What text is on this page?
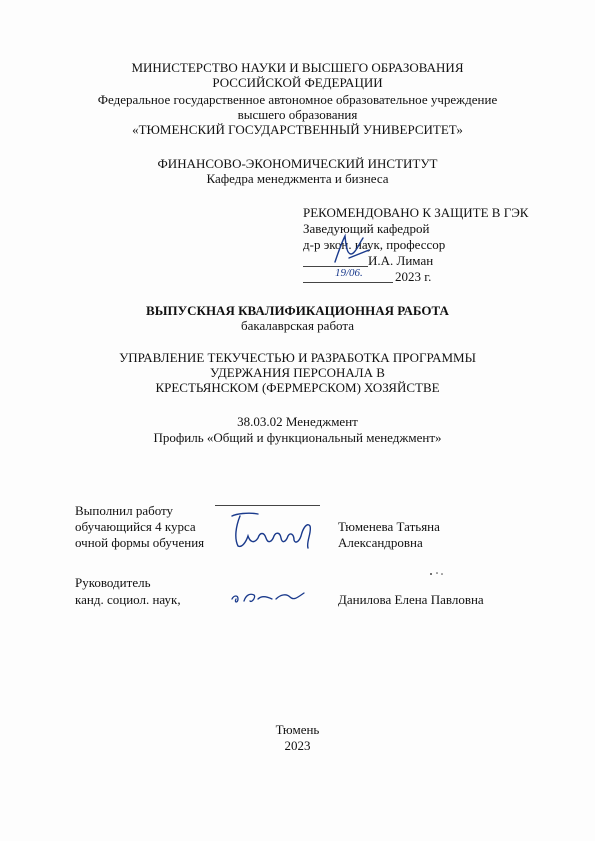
МИНИСТЕРСТВО НАУКИ И ВЫСШЕГО ОБРАЗОВАНИЯ
РОССИЙСКОЙ ФЕДЕРАЦИИ
Федеральное государственное автономное образовательное учреждение
высшего образования
«ТЮМЕНСКИЙ ГОСУДАРСТВЕННЫЙ УНИВЕРСИТЕТ»
ФИНАНСОВО-ЭКОНОМИЧЕСКИЙ ИНСТИТУТ
Кафедра менеджмента и бизнеса
РЕКОМЕНДОВАНО К ЗАЩИТЕ В ГЭК
Заведующий кафедрой
д-р экон. наук, профессор
И.А. Лиман
2023 г.
19/06.
ВЫПУСКНАЯ КВАЛИФИКАЦИОННАЯ РАБОТА
бакалаврская работа
УПРАВЛЕНИЕ ТЕКУЧЕСТЬЮ И РАЗРАБОТКА ПРОГРАММЫ
УДЕРЖАНИЯ ПЕРСОНАЛА В
КРЕСТЬЯНСКОМ (ФЕРМЕРСКОМ) ХОЗЯЙСТВЕ
38.03.02 Менеджмент
Профиль «Общий и функциональный менеджмент»
Выполнил работу
обучающийся 4 курса
очной формы обучения
Тюменева Татьяна
Александровна
Руководитель
канд. социол. наук,	Данилова Елена Павловна
Тюмень
2023
